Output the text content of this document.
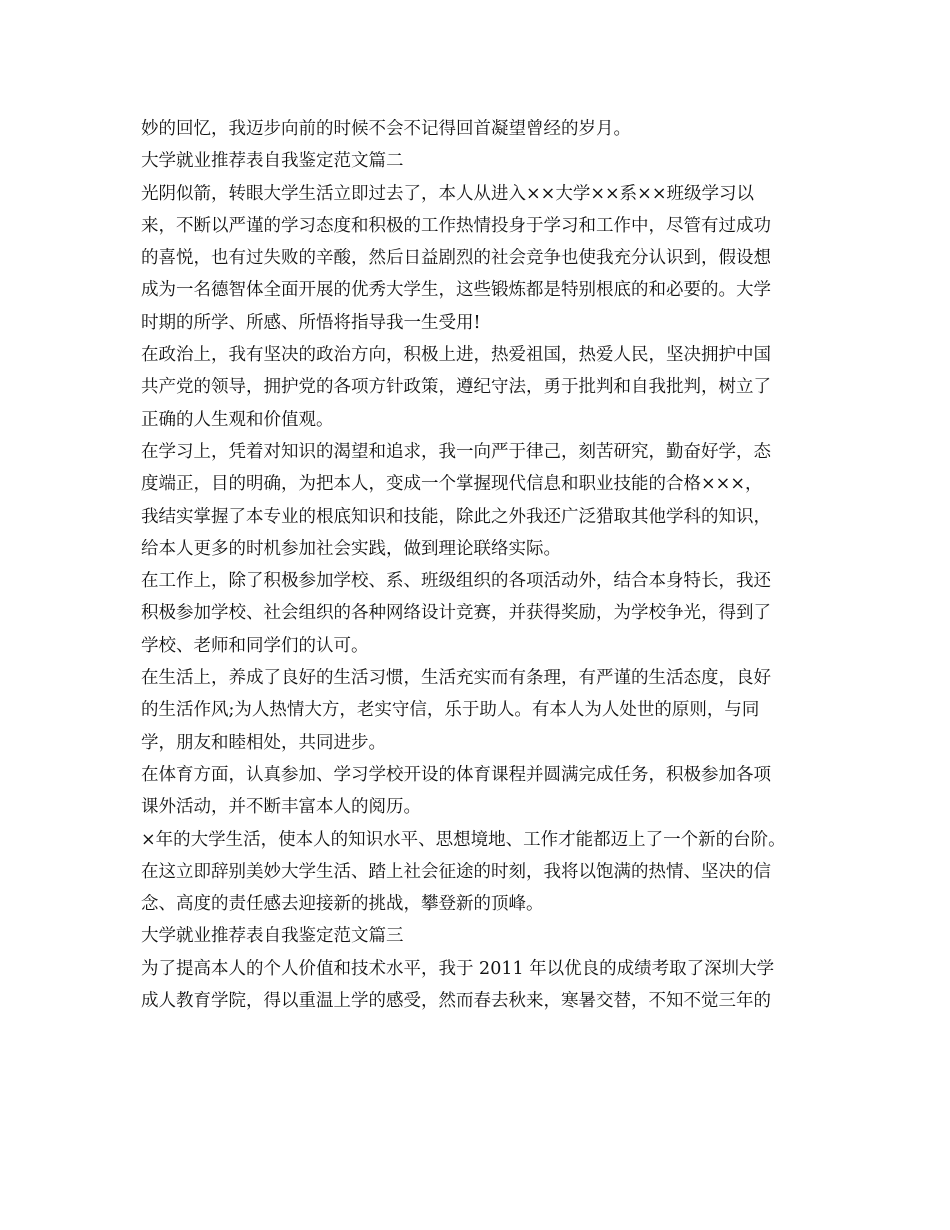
妙的回忆，我迈步向前的时候不会不记得回首凝望曾经的岁月。
大学就业推荐表自我鉴定范文篇二
光阴似箭，转眼大学生活立即过去了，本人从进入××大学××系××班级学习以
来，不断以严谨的学习态度和积极的工作热情投身于学习和工作中，尽管有过成功
的喜悦，也有过失败的辛酸，然后日益剧烈的社会竞争也使我充分认识到，假设想
成为一名德智体全面开展的优秀大学生，这些锻炼都是特别根底的和必要的。大学
时期的所学、所感、所悟将指导我一生受用!
在政治上，我有坚决的政治方向，积极上进，热爱祖国，热爱人民，坚决拥护中国
共产党的领导，拥护党的各项方针政策，遵纪守法，勇于批判和自我批判，树立了
正确的人生观和价值观。
在学习上，凭着对知识的渴望和追求，我一向严于律己，刻苦研究，勤奋好学，态
度端正，目的明确，为把本人，变成一个掌握现代信息和职业技能的合格×××，
我结实掌握了本专业的根底知识和技能，除此之外我还广泛猎取其他学科的知识，
给本人更多的时机参加社会实践，做到理论联络实际。
在工作上，除了积极参加学校、系、班级组织的各项活动外，结合本身特长，我还
积极参加学校、社会组织的各种网络设计竞赛，并获得奖励，为学校争光，得到了
学校、老师和同学们的认可。
在生活上，养成了良好的生活习惯，生活充实而有条理，有严谨的生活态度，良好
的生活作风;为人热情大方，老实守信，乐于助人。有本人为人处世的原则，与同
学，朋友和睦相处，共同进步。
在体育方面，认真参加、学习学校开设的体育课程并圆满完成任务，积极参加各项
课外活动，并不断丰富本人的阅历。
×年的大学生活，使本人的知识水平、思想境地、工作才能都迈上了一个新的台阶。
在这立即辞别美妙大学生活、踏上社会征途的时刻，我将以饱满的热情、坚决的信
念、高度的责任感去迎接新的挑战，攀登新的顶峰。
大学就业推荐表自我鉴定范文篇三
为了提高本人的个人价值和技术水平，我于 2011 年以优良的成绩考取了深圳大学
成人教育学院，得以重温上学的感受，然而春去秋来，寒暑交替，不知不觉三年的
